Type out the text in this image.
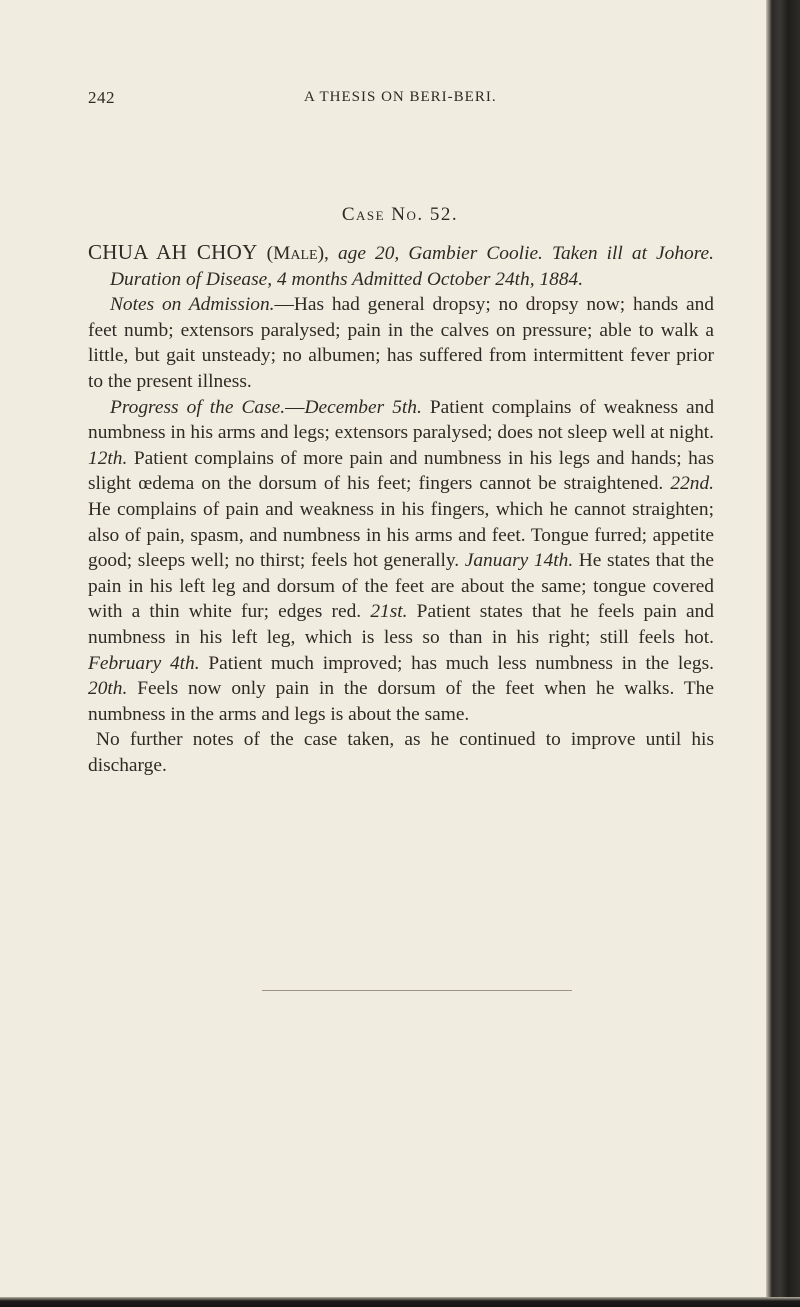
242	A THESIS ON BERI-BERI.
Case No. 52.

CHUA AH CHOY (Male), age 20, Gambier Coolie. Taken ill at Johore. Duration of Disease, 4 months Admitted October 24th, 1884.

Notes on Admission.—Has had general dropsy; no dropsy now; hands and feet numb; extensors paralysed; pain in the calves on pressure; able to walk a little, but gait unsteady; no albumen; has suffered from intermittent fever prior to the present illness.

Progress of the Case.—December 5th. Patient complains of weakness and numbness in his arms and legs; extensors paralysed; does not sleep well at night. 12th. Patient complains of more pain and numbness in his legs and hands; has slight œdema on the dorsum of his feet; fingers cannot be straightened. 22nd. He complains of pain and weakness in his fingers, which he cannot straighten; also of pain, spasm, and numbness in his arms and feet. Tongue furred; appetite good; sleeps well; no thirst; feels hot generally. January 14th. He states that the pain in his left leg and dorsum of the feet are about the same; tongue covered with a thin white fur; edges red. 21st. Patient states that he feels pain and numbness in his left leg, which is less so than in his right; still feels hot. February 4th. Patient much improved; has much less numbness in the legs. 20th. Feels now only pain in the dorsum of the feet when he walks. The numbness in the arms and legs is about the same.

No further notes of the case taken, as he continued to improve until his discharge.
